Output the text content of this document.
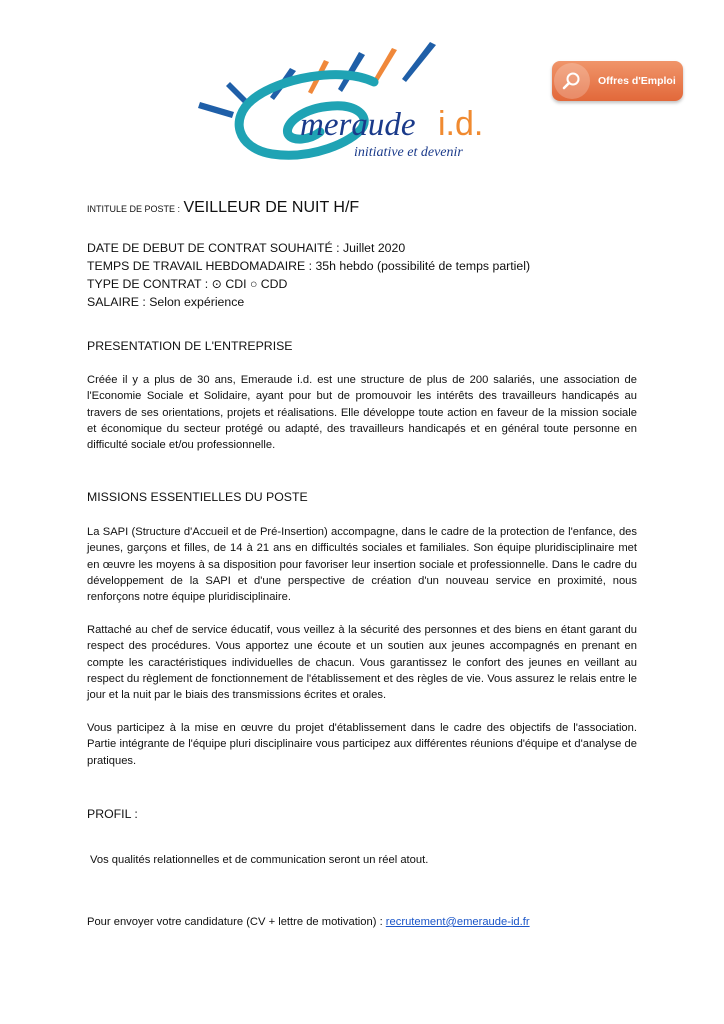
meraude i.d.
initiative et devenir
Offres d'Emploi
INTITULE DE POSTE : VEILLEUR DE NUIT H/F
DATE DE DEBUT DE CONTRAT SOUHAITÉ : Juillet 2020
TEMPS DE TRAVAIL HEBDOMADAIRE : 35h hebdo (possibilité de temps partiel)
TYPE DE CONTRAT : ⊙ CDI ○ CDD
SALAIRE : Selon expérience
PRESENTATION DE L'ENTREPRISE
Créée il y a plus de 30 ans, Emeraude i.d. est une structure de plus de 200 salariés, une association de l'Economie Sociale et Solidaire, ayant pour but de promouvoir les intérêts des travailleurs handicapés au travers de ses orientations, projets et réalisations. Elle développe toute action en faveur de la mission sociale et économique du secteur protégé ou adapté, des travailleurs handicapés et en général toute personne en difficulté sociale et/ou professionnelle.
MISSIONS ESSENTIELLES DU POSTE
La SAPI (Structure d'Accueil et de Pré-Insertion) accompagne, dans le cadre de la protection de l'enfance, des jeunes, garçons et filles, de 14 à 21 ans en difficultés sociales et familiales. Son équipe pluridisciplinaire met en œuvre les moyens à sa disposition pour favoriser leur insertion sociale et professionnelle. Dans le cadre du développement de la SAPI et d'une perspective de création d'un nouveau service en proximité, nous renforçons notre équipe pluridisciplinaire.
Rattaché au chef de service éducatif, vous veillez à la sécurité des personnes et des biens en étant garant du respect des procédures. Vous apportez une écoute et un soutien aux jeunes accompagnés en prenant en compte les caractéristiques individuelles de chacun. Vous garantissez le confort des jeunes en veillant au respect du règlement de fonctionnement de l'établissement et des règles de vie. Vous assurez le relais entre le jour et la nuit par le biais des transmissions écrites et orales.
Vous participez à la mise en œuvre du projet d'établissement dans le cadre des objectifs de l'association. Partie intégrante de l'équipe pluri disciplinaire vous participez aux différentes réunions d'équipe et d'analyse de pratiques.
PROFIL :
Vos qualités relationnelles et de communication seront un réel atout.
Pour envoyer votre candidature (CV + lettre de motivation) : recrutement@emeraude-id.fr
